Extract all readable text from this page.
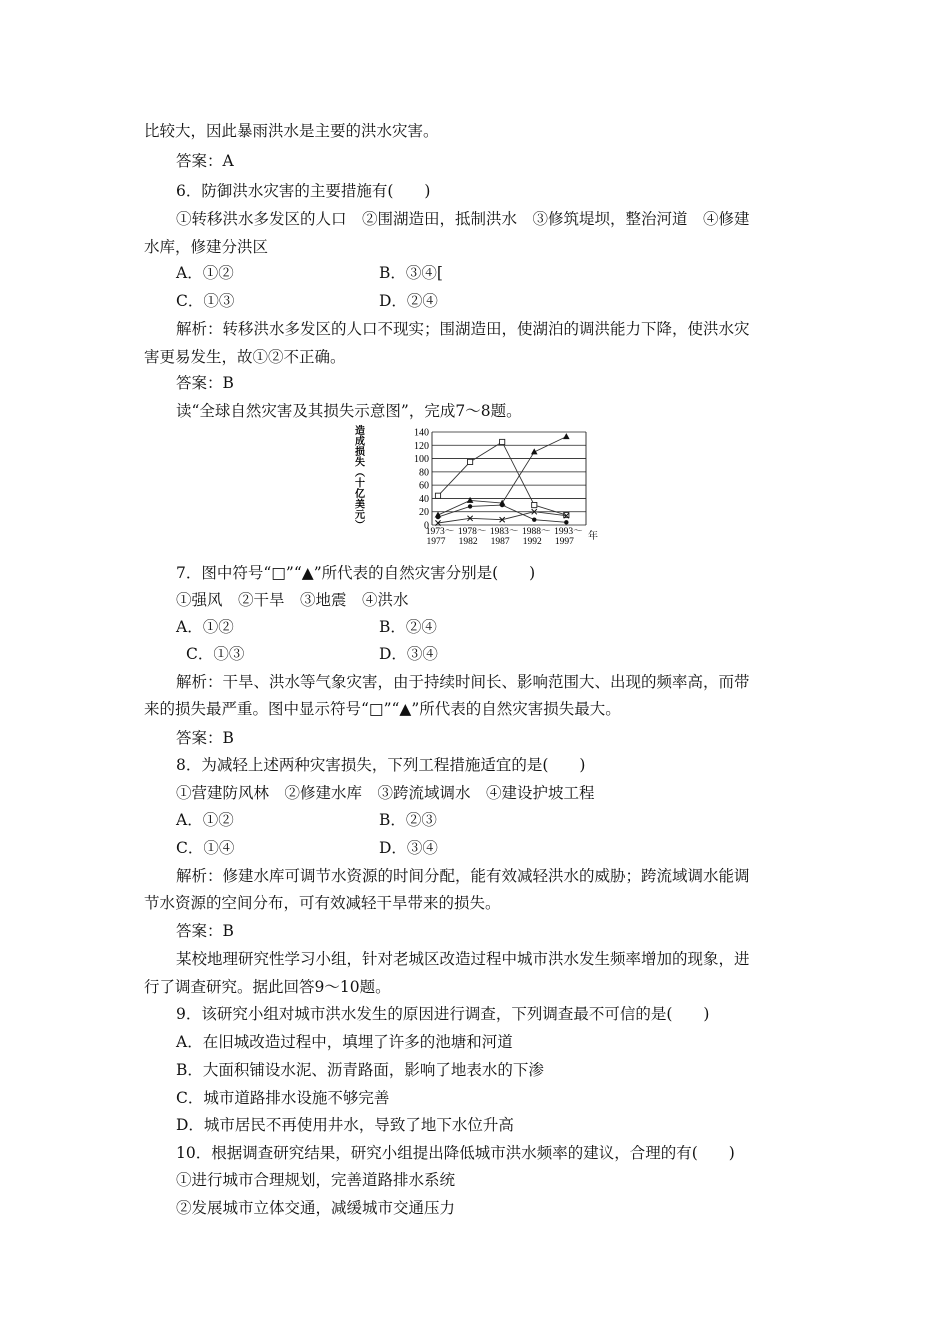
比较大，因此暴雨洪水是主要的洪水灾害。
答案：A
6．防御洪水灾害的主要措施有(　　)
①转移洪水多发区的人口　②围湖造田，抵制洪水　③修筑堤坝，整治河道　④修建
水库，修建分洪区
A．①②	B．③④[
C．①③	D．②④
解析：转移洪水多发区的人口不现实；围湖造田，使湖泊的调洪能力下降，使洪水灾
害更易发生，故①②不正确。
答案：B
读“全球自然灾害及其损失示意图”，完成7～8题。
造
成
损
失
︵
十
亿
美
元
︶	0
20
40
60
80
100
120
140
1973～
1977
1978～
1982
1983～
1987
1988～
1992
1993～
1997 年
7．图中符号“□”“▲”所代表的自然灾害分别是(　　)
①强风　②干旱　③地震　④洪水
A．①②	B．②④
C．①③	D．③④
解析：干旱、洪水等气象灾害，由于持续时间长、影响范围大、出现的频率高，而带
来的损失最严重。图中显示符号“□”“▲”所代表的自然灾害损失最大。
答案：B
8．为减轻上述两种灾害损失，下列工程措施适宜的是(　　)
①营建防风林　②修建水库　③跨流域调水　④建设护坡工程
A．①②	B．②③
C．①④	D．③④
解析：修建水库可调节水资源的时间分配，能有效减轻洪水的威胁；跨流域调水能调
节水资源的空间分布，可有效减轻干旱带来的损失。
答案：B
某校地理研究性学习小组，针对老城区改造过程中城市洪水发生频率增加的现象，进
行了调查研究。据此回答9～10题。
9．该研究小组对城市洪水发生的原因进行调查，下列调查最不可信的是(　　)
A．在旧城改造过程中，填埋了许多的池塘和河道
B．大面积铺设水泥、沥青路面，影响了地表水的下渗
C．城市道路排水设施不够完善
D．城市居民不再使用井水，导致了地下水位升高
10．根据调查研究结果，研究小组提出降低城市洪水频率的建议，合理的有(　　)
①进行城市合理规划，完善道路排水系统
②发展城市立体交通，减缓城市交通压力
